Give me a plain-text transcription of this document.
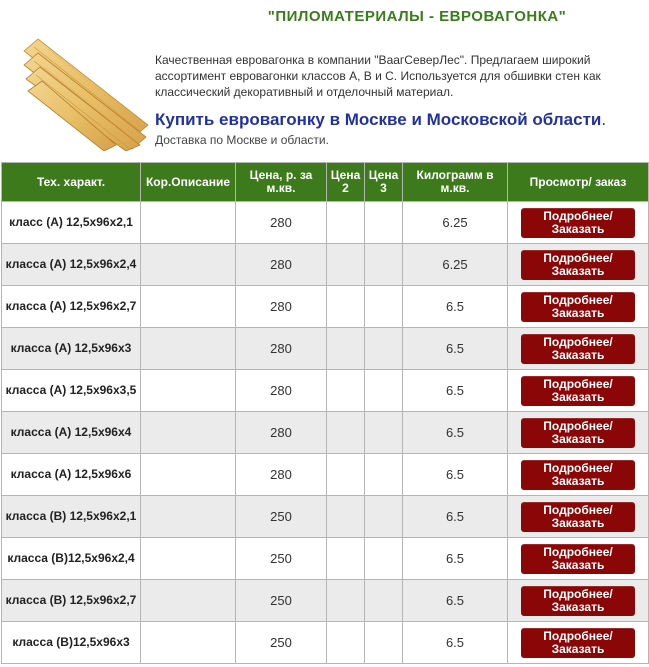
"ПИЛОМАТЕРИАЛЫ - ЕВРОВАГОНКА"
Качественная евровагонка в компании "ВаагСеверЛес". Предлагаем широкий ассортимент евровагонки классов А, В и С. Используется для обшивки стен как классический декоративный и отделочный материал.
Купить евровагонку в Москве и Московской области.
Доставка по Москве и области.
Тех. характ.	Кор.Описание	Цена, р. за м.кв.	Цена 2	Цена 3	Килограмм в м.кв.	Просмотр/ заказ
класс (А) 12,5х96х2,1		280			6.25	Подробнее/
Заказать

класса (А) 12,5х96х2,4		280			6.25	Подробнее/
Заказать

класса (А) 12,5х96х2,7		280			6.5	Подробнее/
Заказать

класса (А) 12,5х96х3		280			6.5	Подробнее/
Заказать

класса (А) 12,5х96х3,5		280			6.5	Подробнее/
Заказать

класса (А) 12,5х96х4		280			6.5	Подробнее/
Заказать

класса (А) 12,5х96х6		280			6.5	Подробнее/
Заказать

класса (В) 12,5х96х2,1		250			6.5	Подробнее/
Заказать

класса (В)12,5х96х2,4		250			6.5	Подробнее/
Заказать

класса (В) 12,5х96х2,7		250			6.5	Подробнее/
Заказать

класса (В)12,5х96х3		250			6.5	Подробнее/
Заказать
